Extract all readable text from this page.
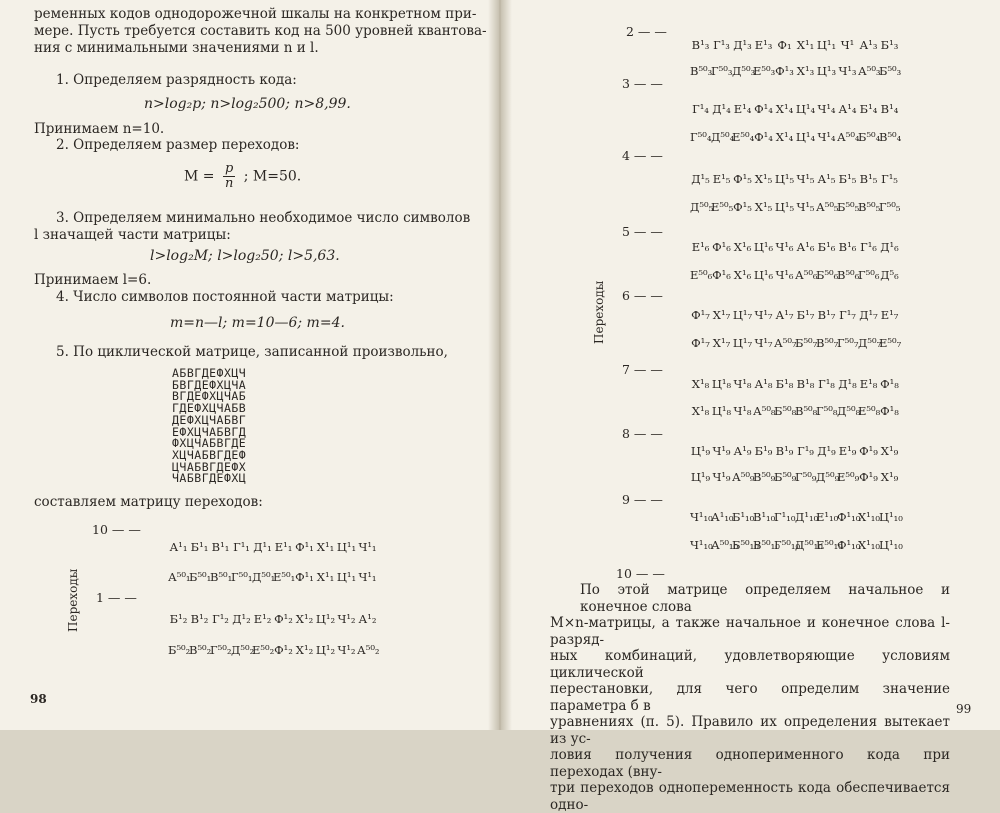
ременных кодов однодорожечной шкалы на конкретном при-
мере. Пусть требуется составить код на 500 уровней квантова-
ния с минимальными значениями n и l.
1. Определяем разрядность кода:
n>log₂p; n>log₂500; n>8,99.
Принимаем n=10.
2. Определяем размер переходов:
$M = \frac{p}{n}$ ; M=50.
3. Определяем минимально необходимое число символов
l значащей части матрицы:
l>log₂M; l>log₂50; l>5,63.
Принимаем l=6.
4. Число символов постоянной части матрицы:
m=n—l; m=10—6; m=4.
5. По циклической матрице, записанной произвольно,
АБВГДЕФХЦЧ
БВГДЕФХЦЧА
ВГДЕФХЦЧАБ
ГДЕФХЦЧАБВ
ДЕФХЦЧАБВГ
ЕФХЦЧАБВГД
ФХЦЧАБВГДЕ
ХЦЧАБВГДЕФ
ЦЧАБВГДЕФХ
ЧАБВГДЕФХЦ
составляем матрицу переходов:
10 — —
1 — —
Переходы
А¹₁ Б¹₁ В¹₁ Г¹₁ Д¹₁ Е¹₁ Ф¹₁ Х¹₁ Ц¹₁ Ч¹₁
А⁵⁰₁Б⁵⁰₁В⁵⁰₁Г⁵⁰₁Д⁵⁰₁Е⁵⁰₁Ф¹₁ Х¹₁ Ц¹₁ Ч¹₁
Б¹₂ В¹₂ Г¹₂ Д¹₂ Е¹₂ Ф¹₂ Х¹₂ Ц¹₂ Ч¹₂ А¹₂
Б⁵⁰₂В⁵⁰₂Г⁵⁰₂Д⁵⁰₂Е⁵⁰₂Ф¹₂ Х¹₂ Ц¹₂ Ч¹₂А⁵⁰₂
98
2 — —
3 — —
4 — —
5 — —
6 — —
7 — —
8 — —
9 — —
10 — —
Переходы
В¹₃ Г¹₃ Д¹₃ Е¹₃ Ф₁ Х¹₁ Ц¹₁ Ч¹ А¹₃ Б¹₃
В⁵⁰₃Г⁵⁰₃Д⁵⁰₃Е⁵⁰₃Ф¹₃ Х¹₃ Ц¹₃ Ч¹₃А⁵⁰₃Б⁵⁰₃
Г¹₄ Д¹₄ Е¹₄ Ф¹₄ Х¹₄ Ц¹₄ Ч¹₄ А¹₄ Б¹₄ В¹₄
Г⁵⁰₄Д⁵⁰₄Е⁵⁰₄Ф¹₄ Х¹₄ Ц¹₄ Ч¹₄А⁵⁰₄Б⁵⁰₄В⁵⁰₄
Д¹₅ Е¹₅ Ф¹₅ Х¹₅ Ц¹₅ Ч¹₅ А¹₅ Б¹₅ В¹₅ Г¹₅
Д⁵⁰₅Е⁵⁰₅Ф¹₅ Х¹₅ Ц¹₅ Ч¹₅А⁵⁰₅Б⁵⁰₅В⁵⁰₅Г⁵⁰₅
Е¹₆ Ф¹₆ Х¹₆ Ц¹₆ Ч¹₆ А¹₆ Б¹₆ В¹₆ Г¹₆ Д¹₆
Е⁵⁰₆Ф¹₆ Х¹₆ Ц¹₆ Ч¹₆А⁵⁰₆Б⁵⁰₆В⁵⁰₆Г⁵⁰₆Д⁵₆
Ф¹₇ Х¹₇ Ц¹₇ Ч¹₇ А¹₇ Б¹₇ В¹₇ Г¹₇ Д¹₇ Е¹₇
Ф¹₇ Х¹₇ Ц¹₇ Ч¹₇А⁵⁰₇Б⁵⁰₇В⁵⁰₇Г⁵⁰₇Д⁵⁰₇Е⁵⁰₇
Х¹₈ Ц¹₈ Ч¹₈ А¹₈ Б¹₈ В¹₈ Г¹₈ Д¹₈ Е¹₈ Ф¹₈
Х¹₈ Ц¹₈ Ч¹₈А⁵⁰₈Б⁵⁰₈В⁵⁰₈Г⁵⁰₈Д⁵⁰₈Е⁵⁰₈Ф¹₈
Ц¹₉ Ч¹₉ А¹₉ Б¹₉ В¹₉ Г¹₉ Д¹₉ Е¹₉ Ф¹₉ Х¹₉
Ц¹₉ Ч¹₉А⁵⁰₉В⁵⁰₉Б⁵⁰₉Г⁵⁰₉Д⁵⁰₉Е⁵⁰₉Ф¹₉ Х¹₉
Ч¹₁₀А¹₁₀Б¹₁₀В¹₁₀Г¹₁₀Д¹₁₀Е¹₁₀Ф¹₁₀Х¹₁₀Ц¹₁₀
Ч¹₁₀А⁵⁰₁₀Б⁵⁰₁₀В⁵⁰₁₀Г⁵⁰₁₀Д⁵⁰₁₀Е⁵⁰₁₀Ф¹₁₀Х¹₁₀Ц¹₁₀

По этой матрице определяем начальное и конечное слова

M×n-матрицы, а также начальное и конечное слова l-разряд-

ных комбинаций, удовлетворяющие условиям циклической

перестановки, для чего определим значение параметра б в

уравнениях (п. 5). Правило их определения вытекает из ус-

ловия получения одноперименного кода при переходах (вну-

три переходов однопеременность кода обеспечивается одно-

99
